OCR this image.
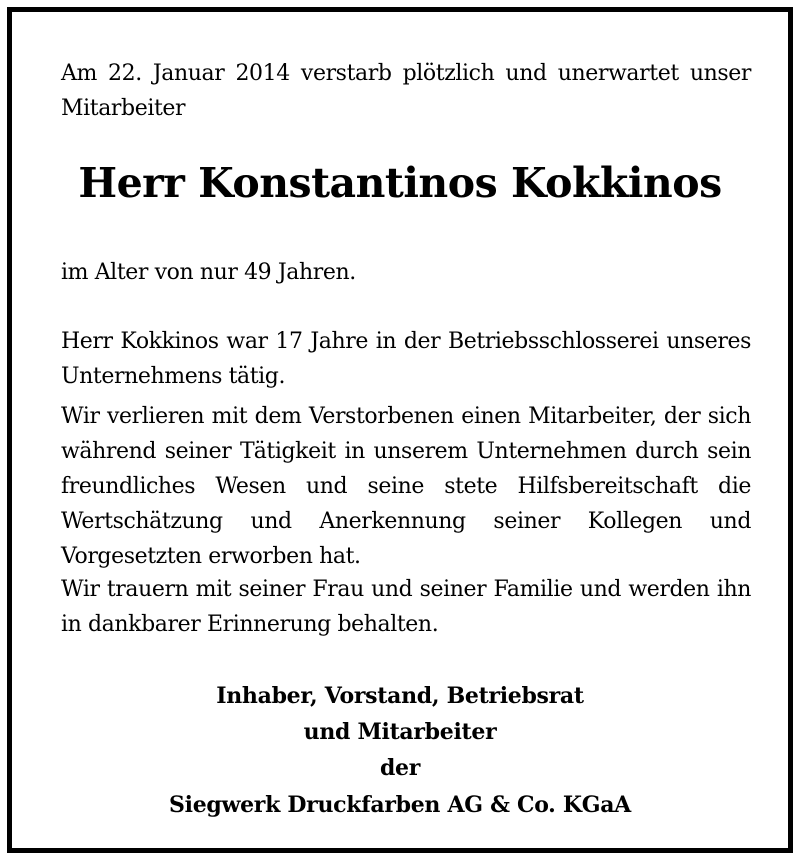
Am 22. Januar 2014 verstarb plötzlich und unerwartet unser Mitarbeiter

Herr Konstantinos Kokkinos

im Alter von nur 49 Jahren.

Herr Kokkinos war 17 Jahre in der Betriebsschlosserei unseres Unternehmens tätig.

Wir verlieren mit dem Verstorbenen einen Mitarbeiter, der sich während seiner Tätigkeit in unserem Unternehmen durch sein freundliches Wesen und seine stete Hilfsbereitschaft die Wertschätzung und Anerkennung seiner Kollegen und Vorgesetzten erworben hat.

Wir trauern mit seiner Frau und seiner Familie und werden ihn in dankbarer Erinnerung behalten.

Inhaber, Vorstand, Betriebsrat

und Mitarbeiter

der

Siegwerk Druckfarben AG & Co. KGaA
